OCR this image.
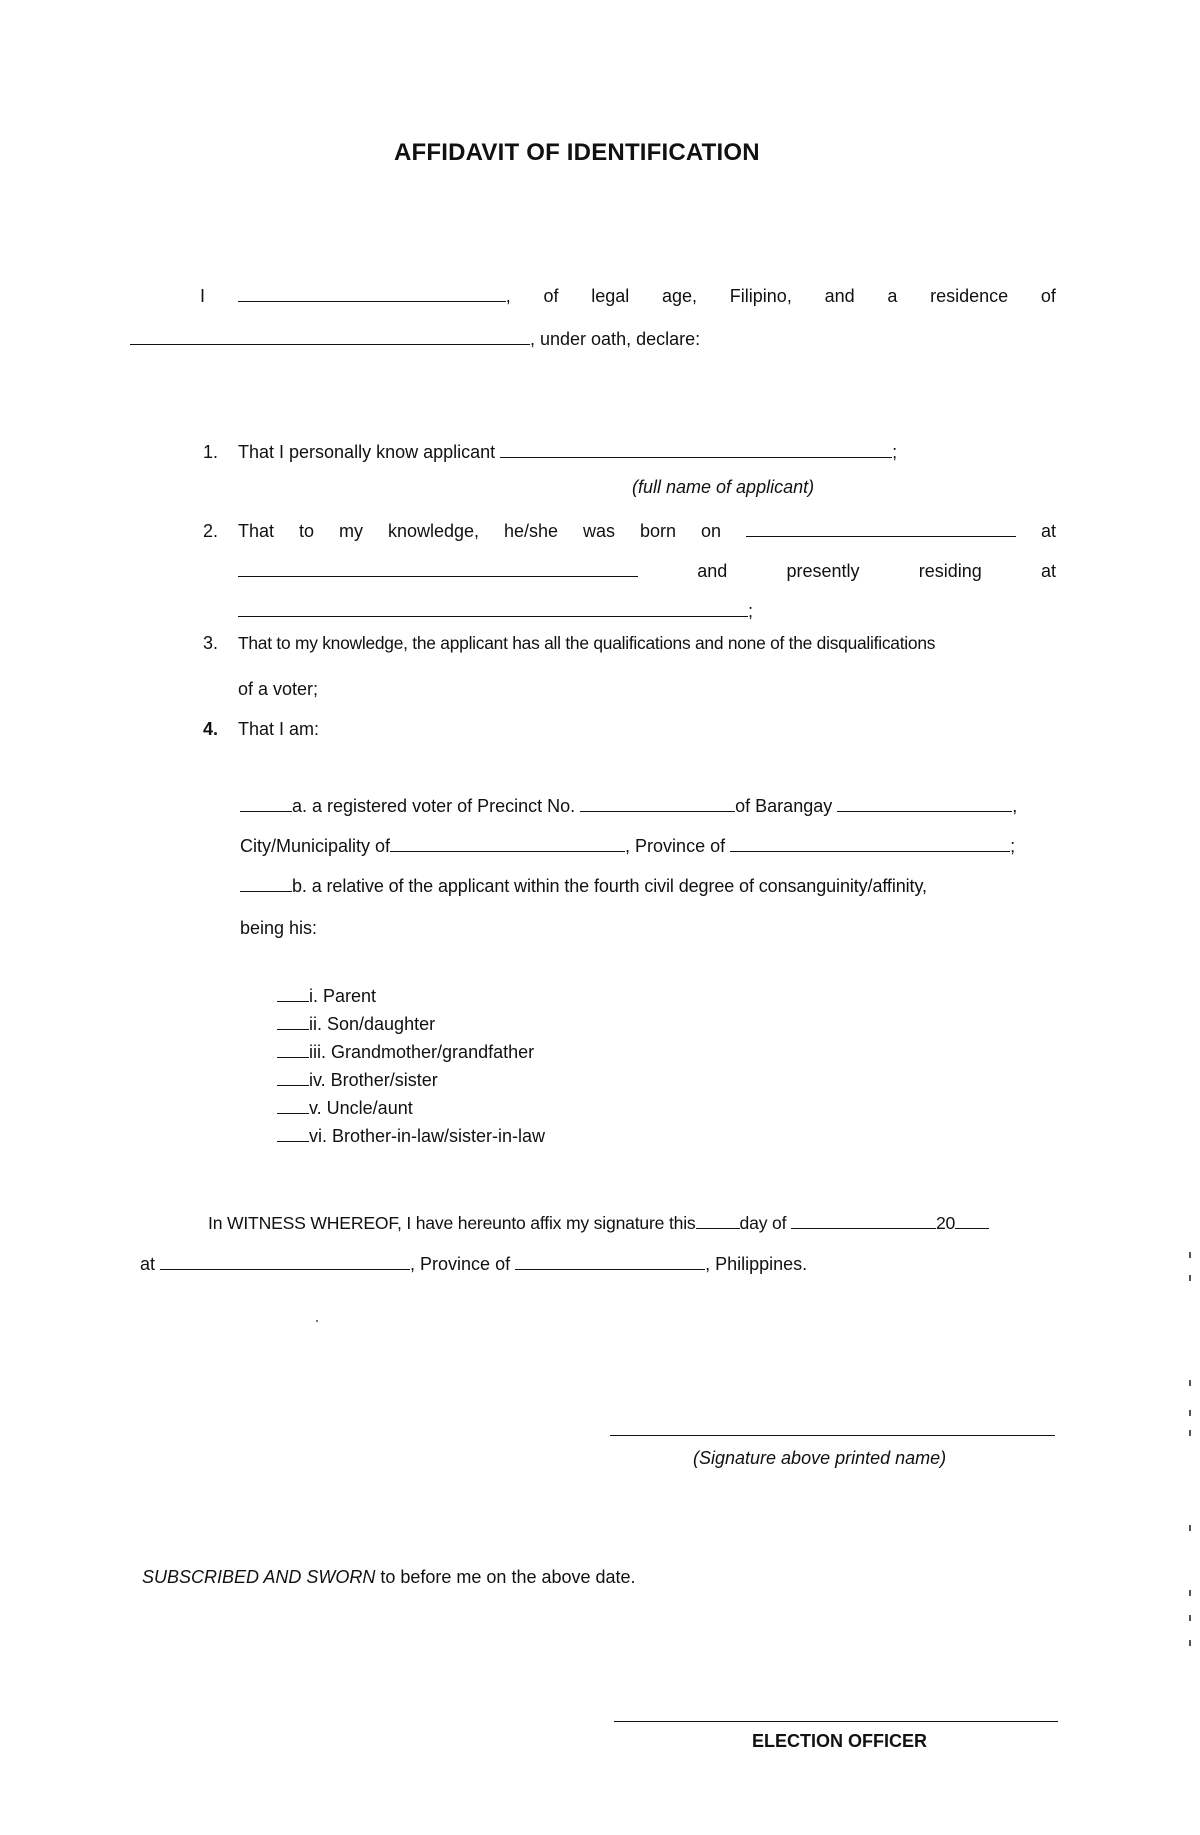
AFFIDAVIT OF IDENTIFICATION
I	, of legal age, Filipino, and a residence of
, under oath, declare:
1. That I personally know applicant	;
(full name of applicant)
2. That to my knowledge, he/she was born on	at
and	presently	residing	at
;
3. That to my knowledge, the applicant has all the qualifications and none of the disqualifications
of a voter;
4. That I am:
a. a registered voter of Precinct No.	of Barangay	,
City/Municipality of	, Province of	;
b. a relative of the applicant within the fourth civil degree of consanguinity/affinity,
being his:
i. Parent
ii. Son/daughter
iii. Grandmother/grandfather
iv. Brother/sister
v. Uncle/aunt
vi. Brother-in-law/sister-in-law
In WITNESS WHEREOF, I have hereunto affix my signature this	day of	20
at	, Province of	, Philippines.
(Signature above printed name)
SUBSCRIBED AND SWORN to before me on the above date.
ELECTION OFFICER
